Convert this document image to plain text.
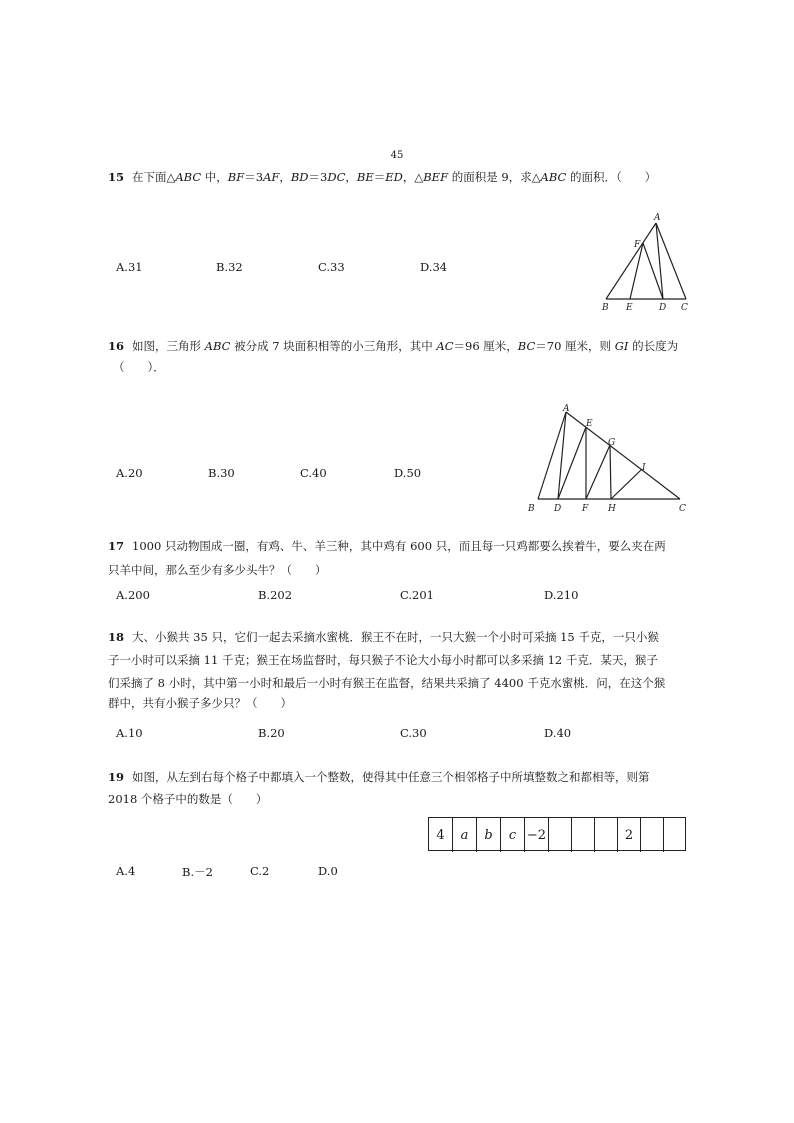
45
15 在下面△ABC 中，BF＝3AF，BD＝3DC，BE＝ED，△BEF 的面积是 9，求△ABC 的面积．（　　）
A.31	B.32	C.33	D.34
A
F
B E	D C
16 如图，三角形 ABC 被分成 7 块面积相等的小三角形，其中 AC＝96 厘米，BC＝70 厘米，则 GI 的长度为
（　　）．
A.20	B.30	C.40	D.50
A
E
G
I
B D F H	C
17 1000 只动物围成一圈，有鸡、牛、羊三种，其中鸡有 600 只，而且每一只鸡都要么挨着牛，要么夹在两
只羊中间，那么至少有多少头牛？（　　）
A.200	B.202	C.201	D.210
18 大、小猴共 35 只，它们一起去采摘水蜜桃．猴王不在时，一只大猴一个小时可采摘 15 千克，一只小猴
子一小时可以采摘 11 千克；猴王在场监督时，每只猴子不论大小每小时都可以多采摘 12 千克．某天，猴子
们采摘了 8 小时，其中第一小时和最后一小时有猴王在监督，结果共采摘了 4400 千克水蜜桃．问，在这个猴
群中，共有小猴子多少只？（　　）
A.10	B.20	C.30	D.40
19 如图，从左到右每个格子中都填入一个整数，使得其中任意三个相邻格子中所填整数之和都相等，则第
2018 个格子中的数是（　　）
4	a	b	c −2	2
A.4	B.－2	C.2	D.0
